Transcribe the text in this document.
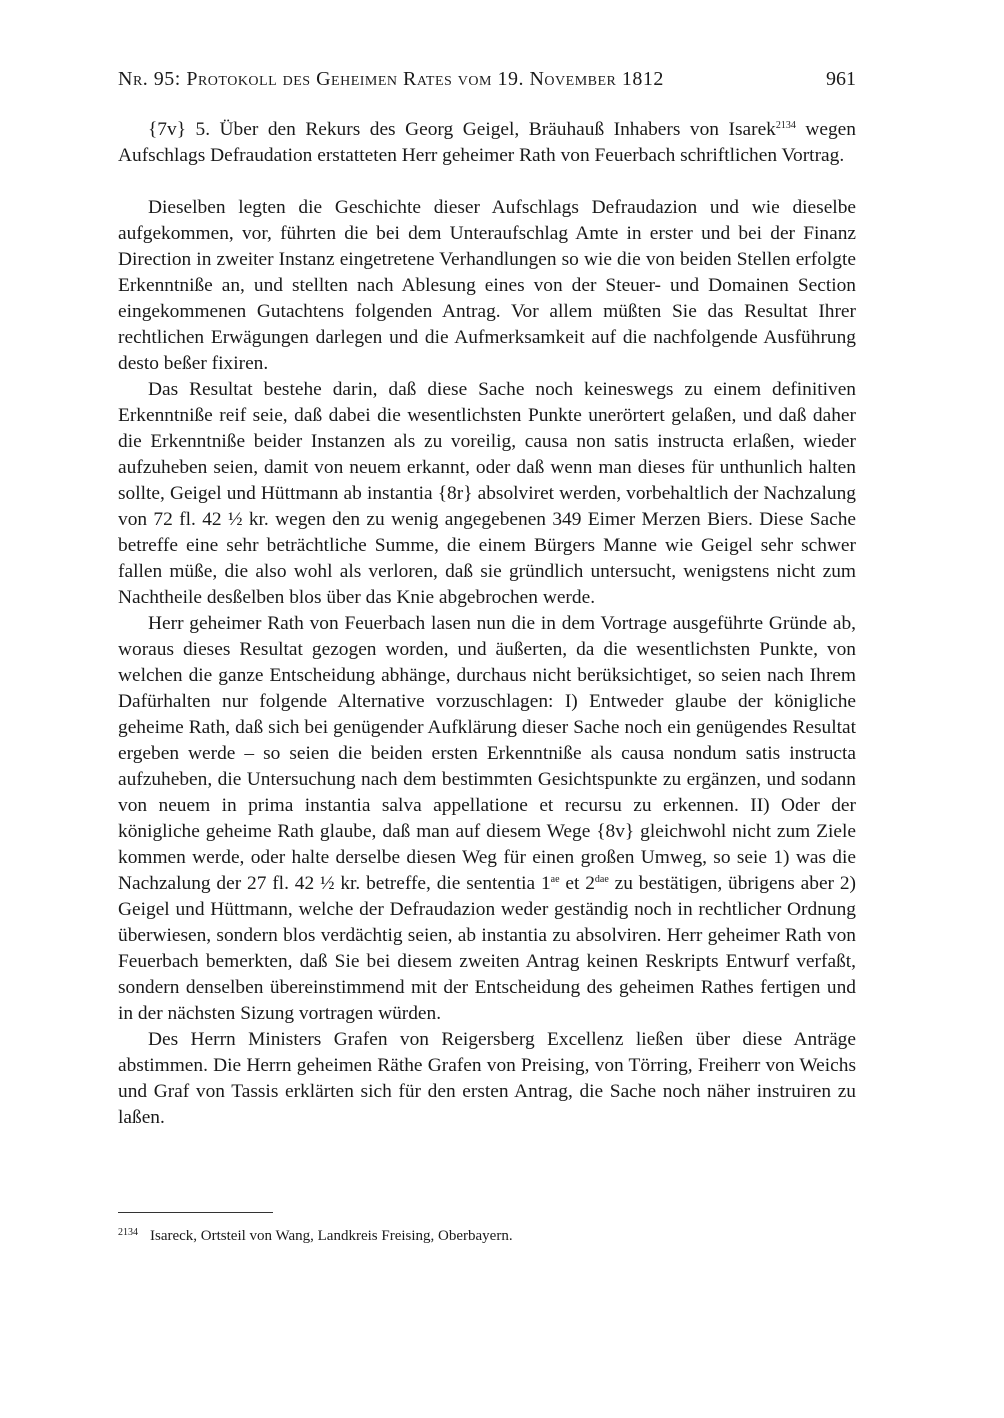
Nr. 95: Protokoll des Geheimen Rates vom 19. November 1812	961

{7v} 5. Über den Rekurs des Georg Geigel, Bräuhauß Inhabers von Isarek$^{2134}$ wegen Aufschlags Defraudation erstatteten Herr geheimer Rath von Feuerbach schriftlichen Vortrag.

Dieselben legten die Geschichte dieser Aufschlags Defraudazion und wie dieselbe aufgekommen, vor, führten die bei dem Unteraufschlag Amte in erster und bei der Finanz Direction in zweiter Instanz eingetretene Verhandlungen so wie die von beiden Stellen erfolgte Erkenntniße an, und stellten nach Ablesung eines von der Steuer- und Domainen Section eingekommenen Gutachtens folgenden Antrag. Vor allem müßten Sie das Resultat Ihrer rechtlichen Erwägungen darlegen und die Aufmerksamkeit auf die nachfolgende Ausführung desto beßer fixiren.

Das Resultat bestehe darin, daß diese Sache noch keineswegs zu einem definitiven Erkenntniße reif seie, daß dabei die wesentlichsten Punkte unerörtert gelaßen, und daß daher die Erkenntniße beider Instanzen als zu voreilig, causa non satis instructa erlaßen, wieder aufzuheben seien, damit von neuem erkannt, oder daß wenn man dieses für unthunlich halten sollte, Geigel und Hüttmann ab instantia {8r} absolviret werden, vorbehaltlich der Nachzalung von 72 fl. 42 ½ kr. wegen den zu wenig angegebenen 349 Eimer Merzen Biers. Diese Sache betreffe eine sehr beträchtliche Summe, die einem Bürgers Manne wie Geigel sehr schwer fallen müße, die also wohl als verloren, daß sie gründlich untersucht, wenigstens nicht zum Nachtheile desßelben blos über das Knie abgebrochen werde.

Herr geheimer Rath von Feuerbach lasen nun die in dem Vortrage ausgeführte Gründe ab, woraus dieses Resultat gezogen worden, und äußerten, da die wesentlichsten Punkte, von welchen die ganze Entscheidung abhänge, durchaus nicht berüksichtiget, so seien nach Ihrem Dafürhalten nur folgende Alternative vorzuschlagen: I) Entweder glaube der königliche geheime Rath, daß sich bei genügender Aufklärung dieser Sache noch ein genügendes Resultat ergeben werde – so seien die beiden ersten Erkenntniße als causa nondum satis instructa aufzuheben, die Untersuchung nach dem bestimmten Gesichtspunkte zu ergänzen, und sodann von neuem in prima instantia salva appellatione et recursu zu erkennen. II) Oder der königliche geheime Rath glaube, daß man auf diesem Wege {8v} gleichwohl nicht zum Ziele kommen werde, oder halte derselbe diesen Weg für einen großen Umweg, so seie 1) was die Nachzalung der 27 fl. 42 ½ kr. betreffe, die sententia $1^{ae}$ et $2^{dae}$ zu bestätigen, übrigens aber 2) Geigel und Hüttmann, welche der Defraudazion weder geständig noch in rechtlicher Ordnung überwiesen, sondern blos verdächtig seien, ab instantia zu absolviren. Herr geheimer Rath von Feuerbach bemerkten, daß Sie bei diesem zweiten Antrag keinen Reskripts Entwurf verfaßt, sondern denselben übereinstimmend mit der Entscheidung des geheimen Rathes fertigen und in der nächsten Sizung vortragen würden.

Des Herrn Ministers Grafen von Reigersberg Excellenz ließen über diese Anträge abstimmen. Die Herrn geheimen Räthe Grafen von Preising, von Törring, Freiherr von Weichs und Graf von Tassis erklärten sich für den ersten Antrag, die Sache noch näher instruiren zu laßen.

$^{2134}$ Isareck, Ortsteil von Wang, Landkreis Freising, Oberbayern.
